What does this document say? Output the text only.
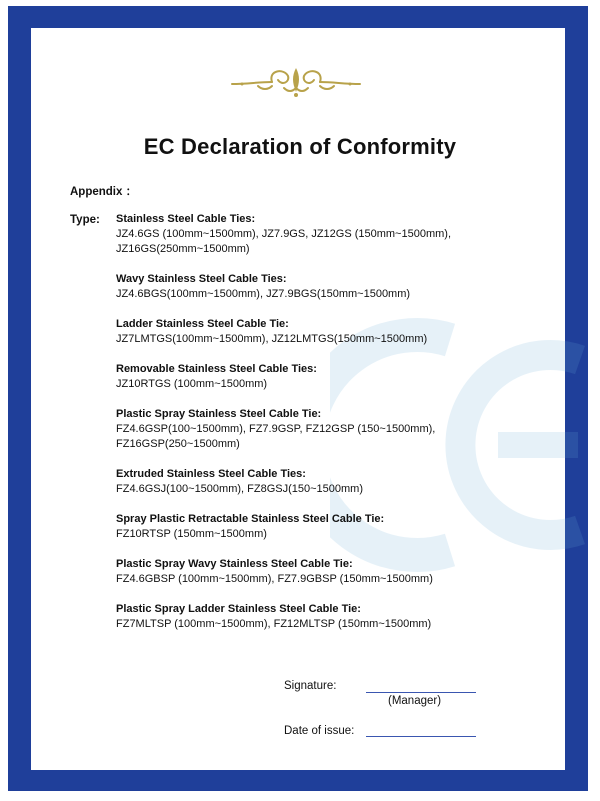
EC Declaration of Conformity
Appendix ：
Type: Stainless Steel Cable Ties:
JZ4.6GS (100mm~1500mm), JZ7.9GS, JZ12GS (150mm~1500mm), JZ16GS(250mm~1500mm)
Wavy Stainless Steel Cable Ties:
JZ4.6BGS(100mm~1500mm), JZ7.9BGS(150mm~1500mm)
Ladder Stainless Steel Cable Tie:
JZ7LMTGS(100mm~1500mm), JZ12LMTGS(150mm~1500mm)
Removable Stainless Steel Cable Ties:
JZ10RTGS (100mm~1500mm)
Plastic Spray Stainless Steel Cable Tie:
FZ4.6GSP(100~1500mm), FZ7.9GSP, FZ12GSP (150~1500mm), FZ16GSP(250~1500mm)
Extruded Stainless Steel Cable Ties:
FZ4.6GSJ(100~1500mm), FZ8GSJ(150~1500mm)
Spray Plastic Retractable Stainless Steel Cable Tie:
FZ10RTSP (150mm~1500mm)
Plastic Spray Wavy Stainless Steel Cable Tie:
FZ4.6GBSP (100mm~1500mm), FZ7.9GBSP (150mm~1500mm)
Plastic Spray Ladder Stainless Steel Cable Tie:
FZ7MLTSP (100mm~1500mm), FZ12MLTSP (150mm~1500mm)
Signature:
(Manager)
Date of issue:
